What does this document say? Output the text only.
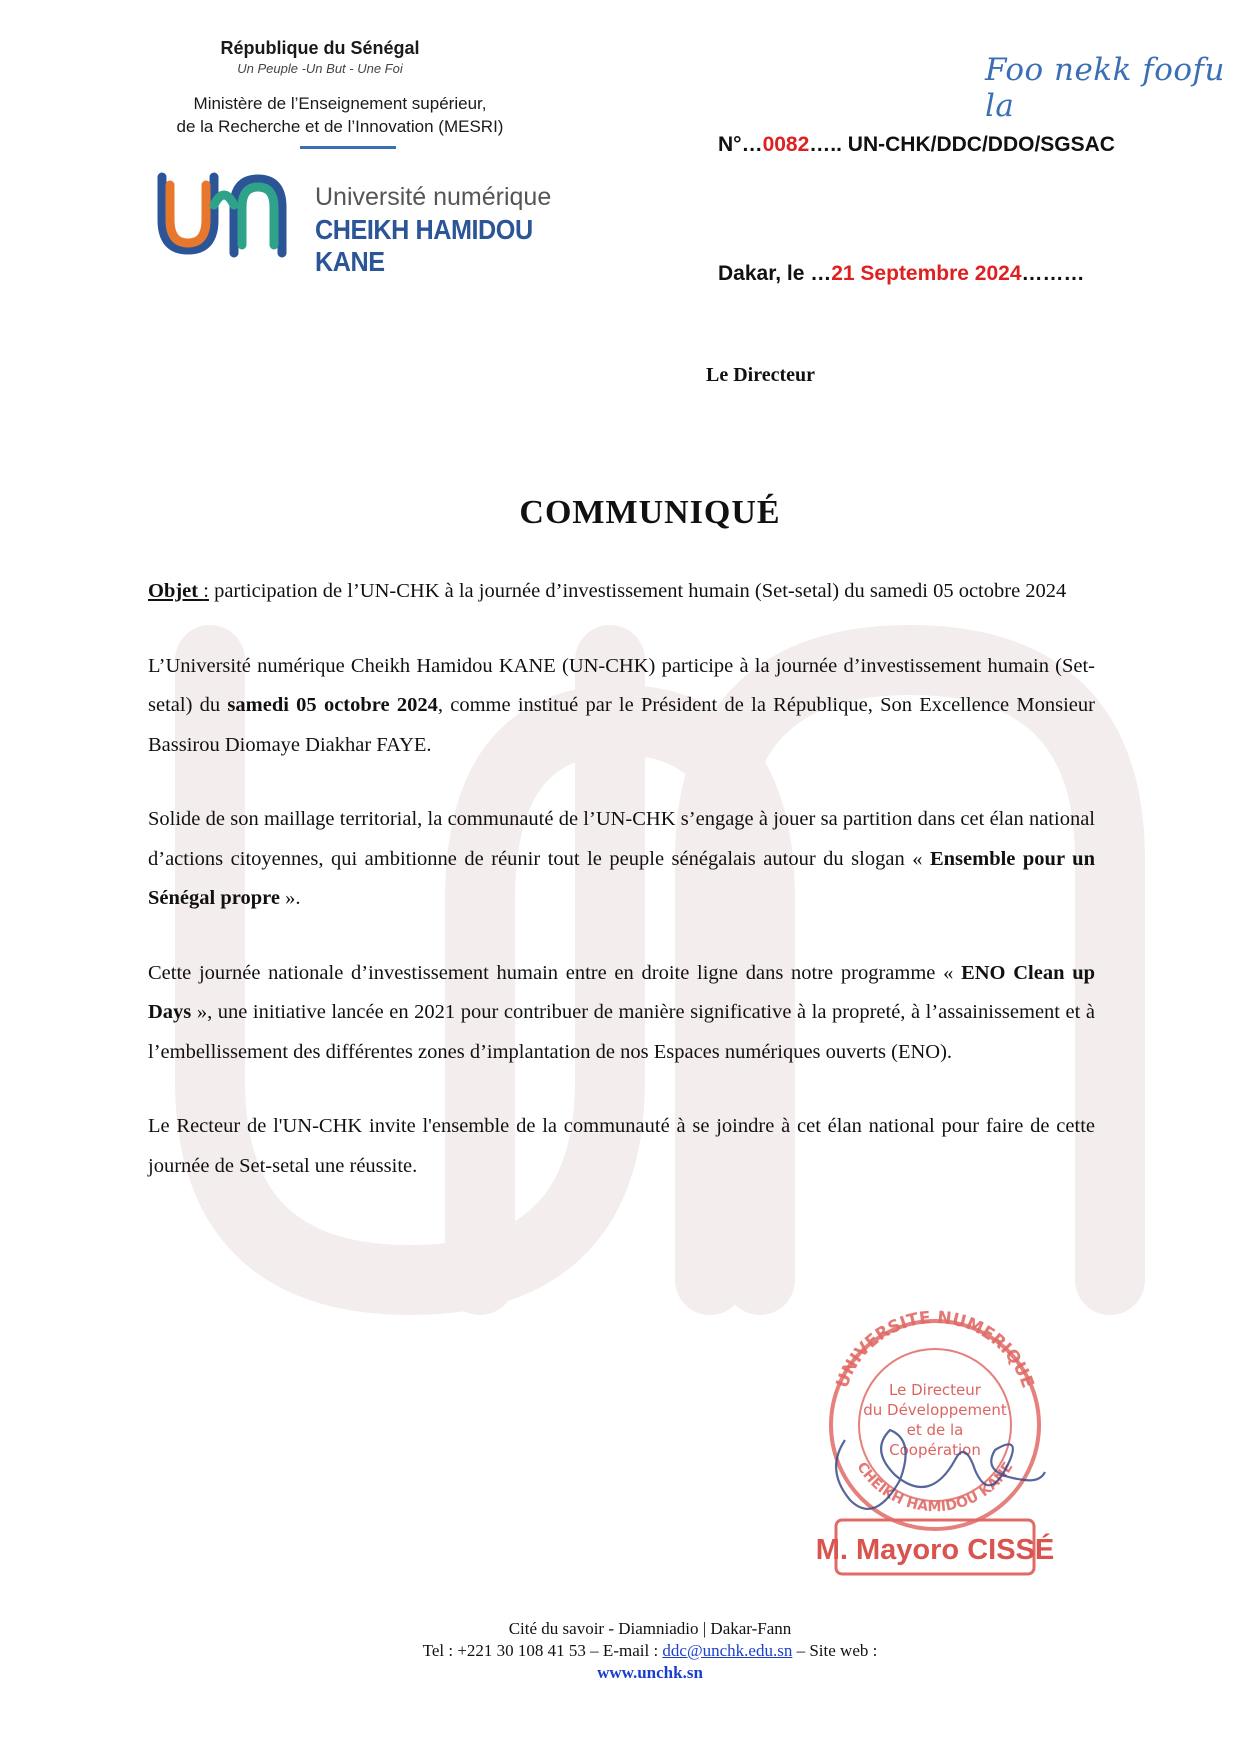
République du Sénégal
Un Peuple -Un But - Une Foi
Ministère de l’Enseignement supérieur,
de la Recherche et de l’Innovation (MESRI)
Université numérique
CHEIKH HAMIDOU KANE
Foo nekk foofu la
N°…0082….. UN-CHK/DDC/DDO/SGSAC
Dakar, le …21 Septembre 2024………
Le Directeur
COMMUNIQUÉ

Objet : participation de l’UN-CHK à la journée d’investissement humain (Set-setal) du samedi 05 octobre 2024

L’Université numérique Cheikh Hamidou KANE (UN-CHK) participe à la journée d’investissement humain (Set-setal) du samedi 05 octobre 2024, comme institué par le Président de la République, Son Excellence Monsieur Bassirou Diomaye Diakhar FAYE.

Solide de son maillage territorial, la communauté de l’UN-CHK s’engage à jouer sa partition dans cet élan national d’actions citoyennes, qui ambitionne de réunir tout le peuple sénégalais autour du slogan « Ensemble pour un Sénégal propre ».

Cette journée nationale d’investissement humain entre en droite ligne dans notre programme « ENO Clean up Days », une initiative lancée en 2021 pour contribuer de manière significative à la propreté, à l’assainissement et à l’embellissement des différentes zones d’implantation de nos Espaces numériques ouverts (ENO).

Le Recteur de l'UN-CHK invite l'ensemble de la communauté à se joindre à cet élan national pour faire de cette journée de Set-setal une réussite.

UNIVERSITE NUMERIQUE
CHEIKH HAMIDOU KANE
Le Directeur
du Développement
et de la
Coopération
M. Mayoro CISSÉ
Cité du savoir - Diamniadio | Dakar-Fann
Tel : +221 30 108 41 53 – E-mail : ddc@unchk.edu.sn – Site web :
www.unchk.sn
